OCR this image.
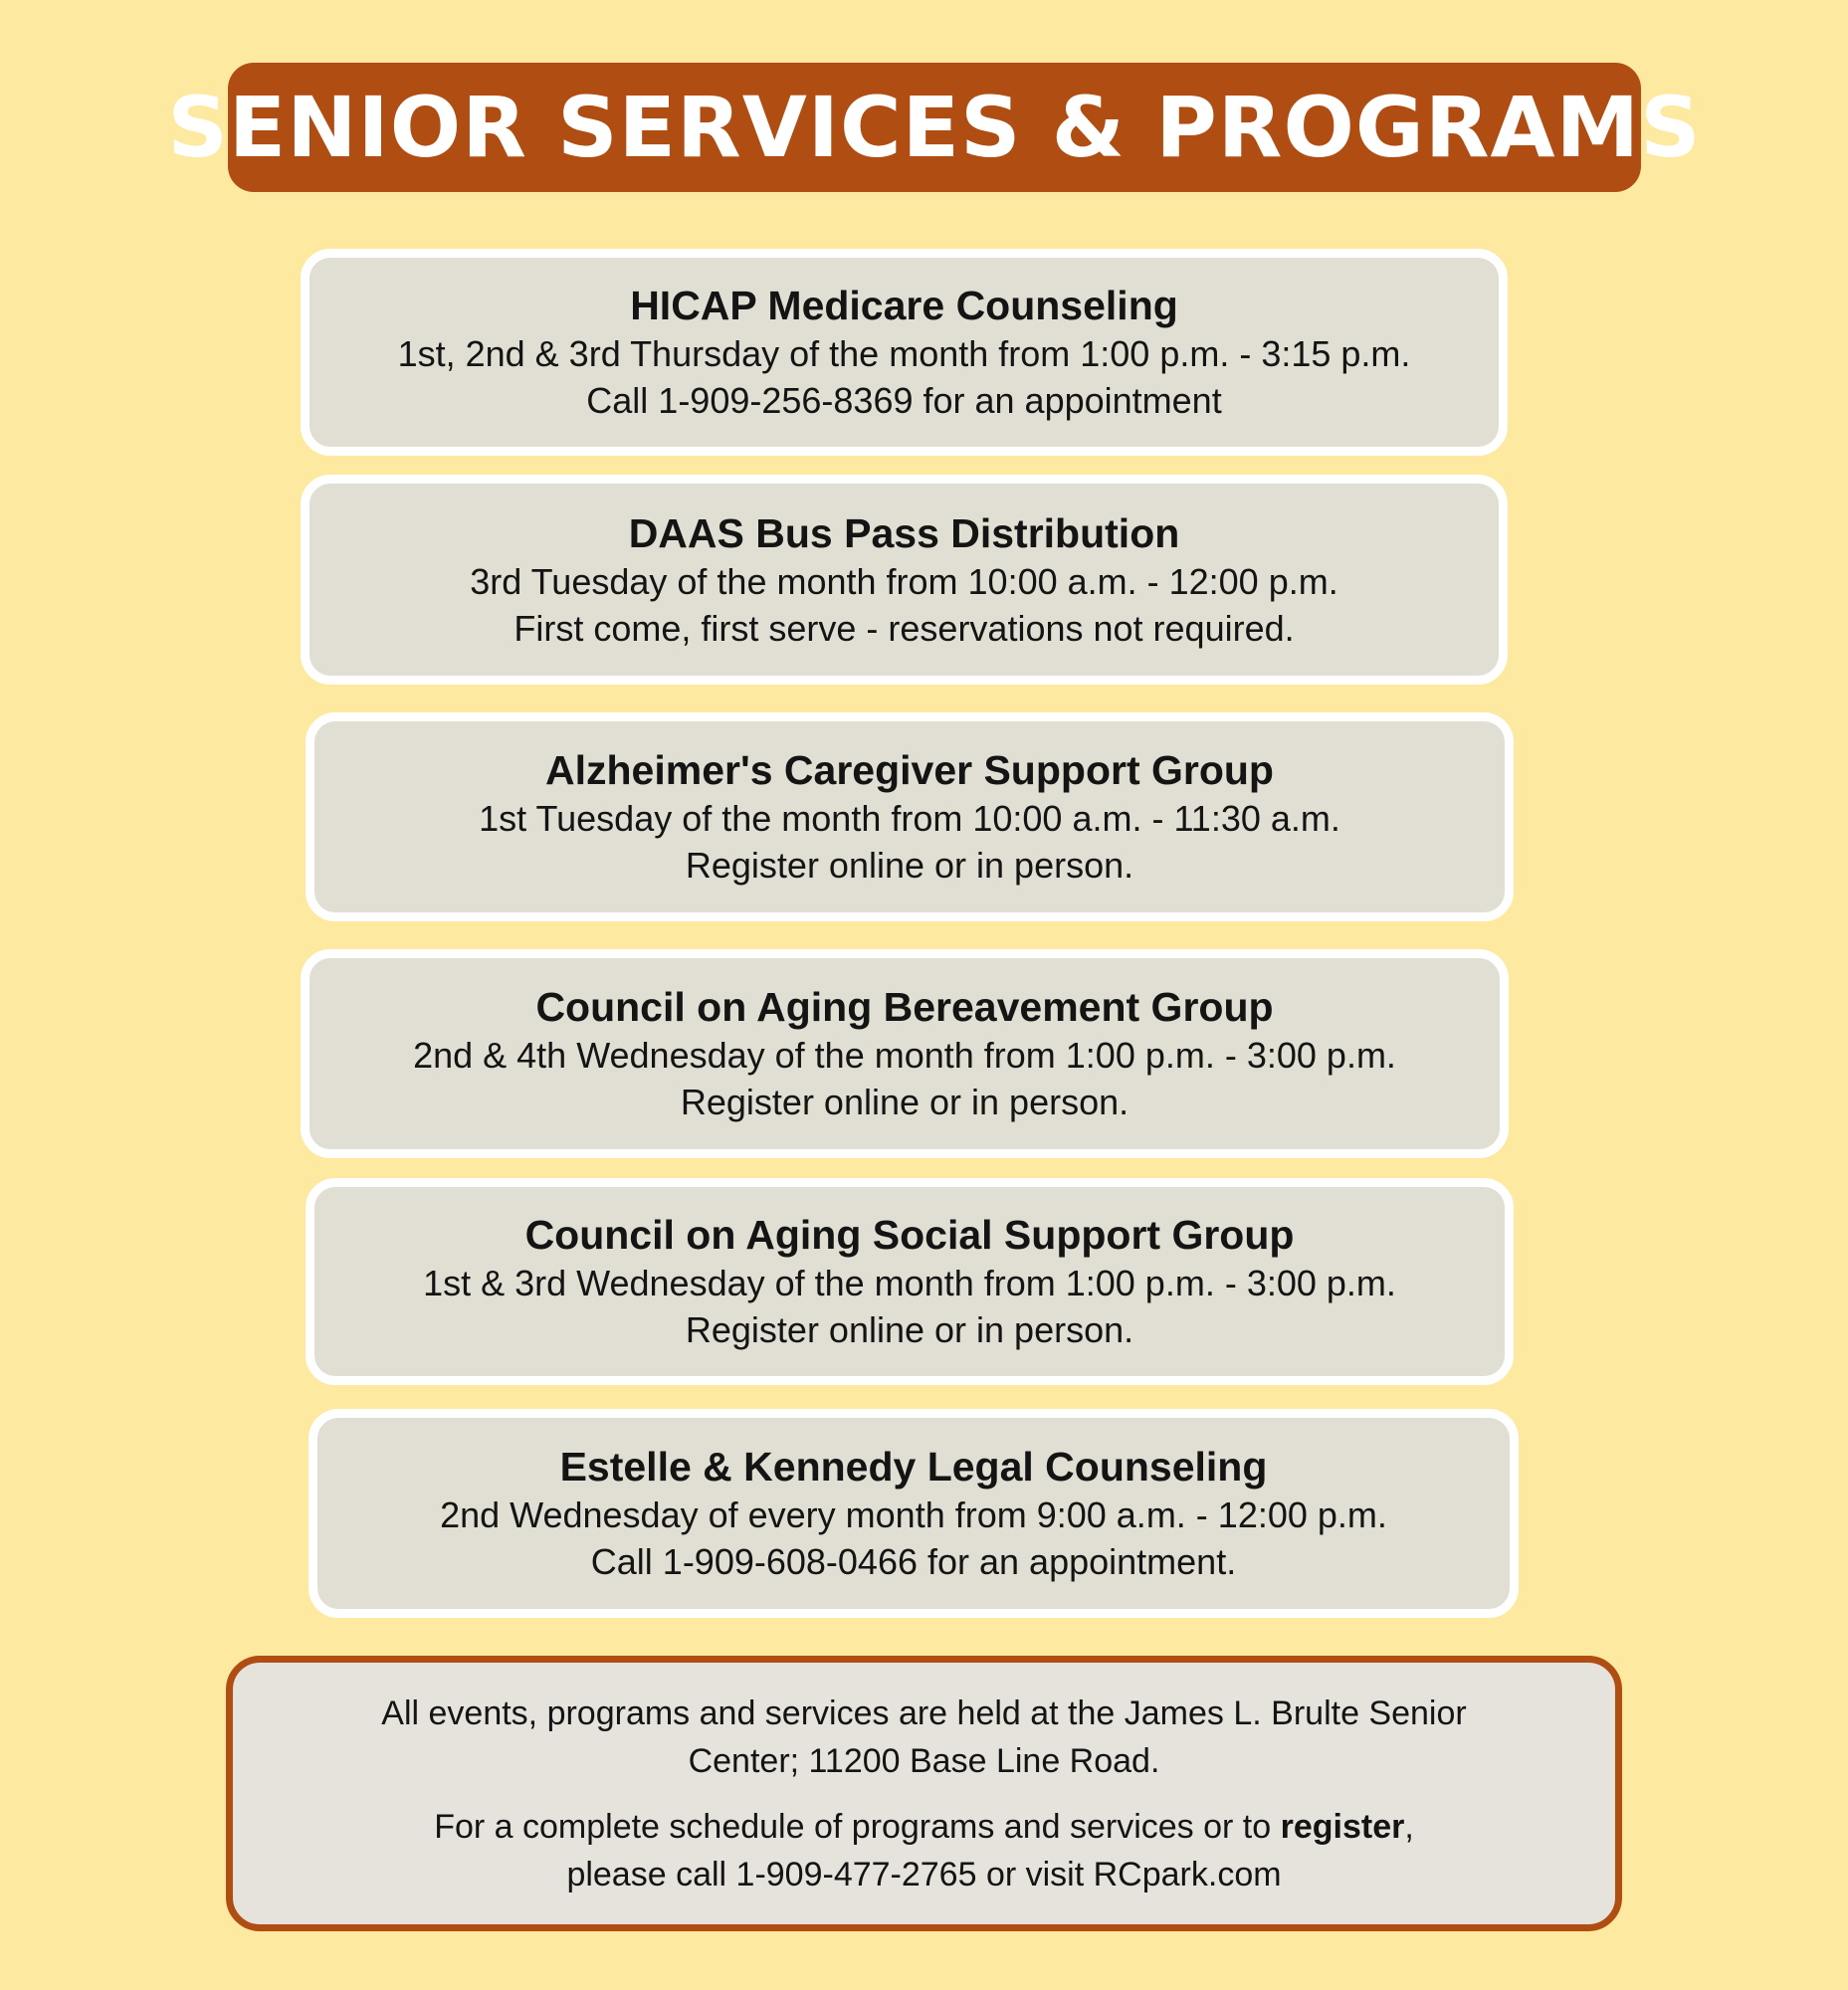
SENIOR SERVICES & PROGRAMS
HICAP Medicare Counseling
1st, 2nd & 3rd Thursday of the month from 1:00 p.m. - 3:15 p.m.
Call 1-909-256-8369 for an appointment
DAAS Bus Pass Distribution
3rd Tuesday of the month from 10:00 a.m. - 12:00 p.m.
First come, first serve - reservations not required.
Alzheimer's Caregiver Support Group
1st Tuesday of the month from 10:00 a.m. - 11:30 a.m.
Register online or in person.
Council on Aging Bereavement Group
2nd & 4th Wednesday of the month from 1:00 p.m. - 3:00 p.m.
Register online or in person.
Council on Aging Social Support Group
1st & 3rd Wednesday of the month from 1:00 p.m. - 3:00 p.m.
Register online or in person.
Estelle & Kennedy Legal Counseling
2nd Wednesday of every month from 9:00 a.m. - 12:00 p.m.
Call 1-909-608-0466 for an appointment.

All events, programs and services are held at the James L. Brulte Senior
Center; 11200 Base Line Road.

For a complete schedule of programs and services or to register,
please call 1-909-477-2765 or visit RCpark.com
